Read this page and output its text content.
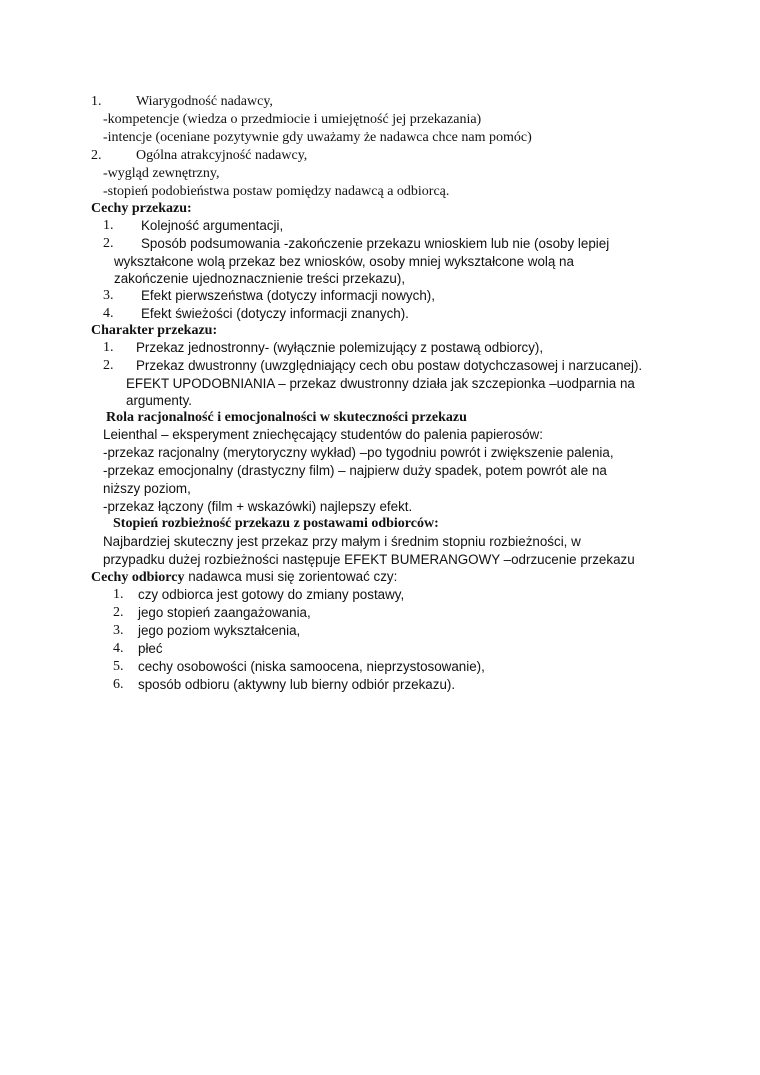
1. Wiarygodność nadawcy,
-kompetencje (wiedza o przedmiocie i umiejętność jej przekazania)
-intencje (oceniane pozytywnie gdy uważamy że nadawca chce nam pomóc)
2. Ogólna atrakcyjność nadawcy,
-wygląd zewnętrzny,
-stopień podobieństwa postaw pomiędzy nadawcą a odbiorcą.
Cechy przekazu:
1. Kolejność argumentacji,
2. Sposób podsumowania -zakończenie przekazu wnioskiem lub nie (osoby lepiej
wykształcone wolą przekaz bez wniosków, osoby mniej wykształcone wolą na
zakończenie ujednoznacznienie treści przekazu),
3. Efekt pierwszeństwa (dotyczy informacji nowych),
4. Efekt świeżości (dotyczy informacji znanych).
Charakter przekazu:
1. Przekaz jednostronny- (wyłącznie polemizujący z postawą odbiorcy),
2. Przekaz dwustronny (uwzględniający cech obu postaw dotychczasowej i narzucanej).
EFEKT UPODOBNIANIA – przekaz dwustronny działa jak szczepionka –uodparnia na
argumenty.
Rola racjonalność i emocjonalności w skuteczności przekazu
Leienthal – eksperyment zniechęcający studentów do palenia papierosów:
-przekaz racjonalny (merytoryczny wykład) –po tygodniu powrót i zwiększenie palenia,
-przekaz emocjonalny (drastyczny film) – najpierw duży spadek, potem powrót ale na
niższy poziom,
-przekaz łączony (film + wskazówki) najlepszy efekt.
Stopień rozbieżność przekazu z postawami odbiorców:
Najbardziej skuteczny jest przekaz przy małym i średnim stopniu rozbieżności, w
przypadku dużej rozbieżności następuje EFEKT BUMERANGOWY –odrzucenie przekazu
Cechy odbiorcy nadawca musi się zorientować czy:
1. czy odbiorca jest gotowy do zmiany postawy,
2. jego stopień zaangażowania,
3. jego poziom wykształcenia,
4. płeć
5. cechy osobowości (niska samoocena, nieprzystosowanie),
6. sposób odbioru (aktywny lub bierny odbiór przekazu).
